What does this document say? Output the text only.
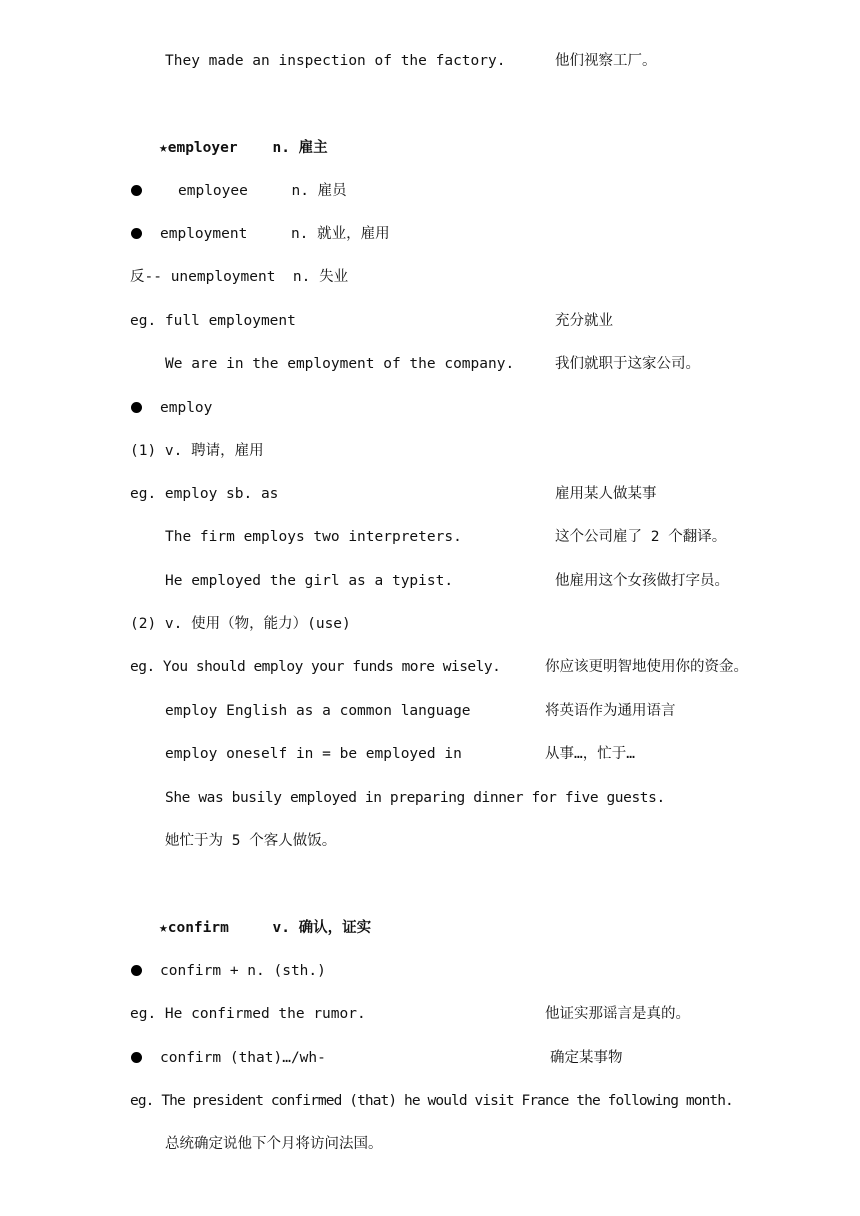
They made an inspection of the factory.	他们视察工厂。
★employer    n. 雇主
employee     n. 雇员
employment     n. 就业，雇用
反-- unemployment  n. 失业
eg. full employment	充分就业
We are in the employment of the company.	我们就职于这家公司。
employ
(1) v. 聘请，雇用
eg. employ sb. as	雇用某人做某事
The firm employs two interpreters.	这个公司雇了 2 个翻译。
He employed the girl as a typist.	他雇用这个女孩做打字员。
(2) v. 使用（物，能力）(use)
eg. You should employ your funds more wisely.	你应该更明智地使用你的资金。
employ English as a common language	将英语作为通用语言
employ oneself in = be employed in	从事…，忙于…
She was busily employed in preparing dinner for five guests.
她忙于为 5 个客人做饭。
★confirm     v. 确认，证实
confirm + n. (sth.)
eg. He confirmed the rumor.	他证实那谣言是真的。
confirm (that)…/wh-	确定某事物
eg. The president confirmed (that) he would visit France the following month.
总统确定说他下个月将访问法国。
